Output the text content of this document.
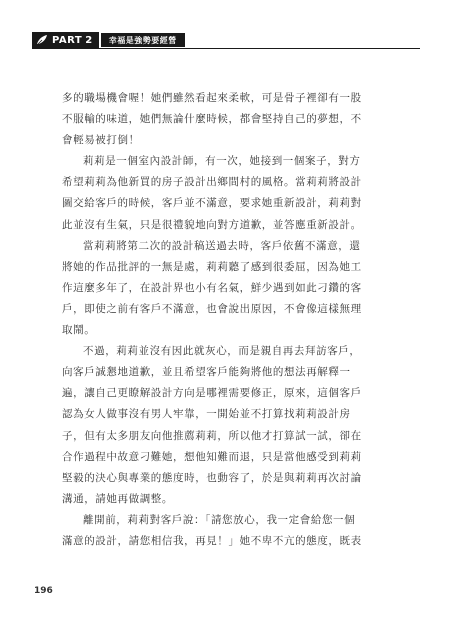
PART 2	幸福是強勢要經營

多的職場機會喔！她們雖然看起來柔軟，可是骨子裡卻有一股
不服輸的味道，她們無論什麼時候，都會堅持自己的夢想，不
會輕易被打倒！

莉莉是一個室內設計師，有一次，她接到一個案子，對方
希望莉莉為他新買的房子設計出鄉間村的風格。當莉莉將設計
圖交給客戶的時候，客戶並不滿意，要求她重新設計，莉莉對
此並沒有生氣，只是很禮貌地向對方道歉，並答應重新設計。

當莉莉將第二次的設計稿送過去時，客戶依舊不滿意，還
將她的作品批評的一無是處，莉莉聽了感到很委屈，因為她工
作這麼多年了，在設計界也小有名氣，鮮少遇到如此刁鑽的客
戶，即使之前有客戶不滿意，也會說出原因，不會像這樣無理
取鬧。

不過，莉莉並沒有因此就灰心，而是親自再去拜訪客戶，
向客戶誠懇地道歉，並且希望客戶能夠將他的想法再解釋一
遍，讓自己更瞭解設計方向是哪裡需要修正，原來，這個客戶
認為女人做事沒有男人牢靠，一開始並不打算找莉莉設計房
子，但有太多朋友向他推薦莉莉，所以他才打算試一試，卻在
合作過程中故意刁難她，想他知難而退，只是當他感受到莉莉
堅毅的決心與專業的態度時，也動容了，於是與莉莉再次討論
溝通，請她再做調整。

離開前，莉莉對客戶說：「請您放心，我一定會給您一個
滿意的設計，請您相信我，再見！」她不卑不亢的態度，既表

196
